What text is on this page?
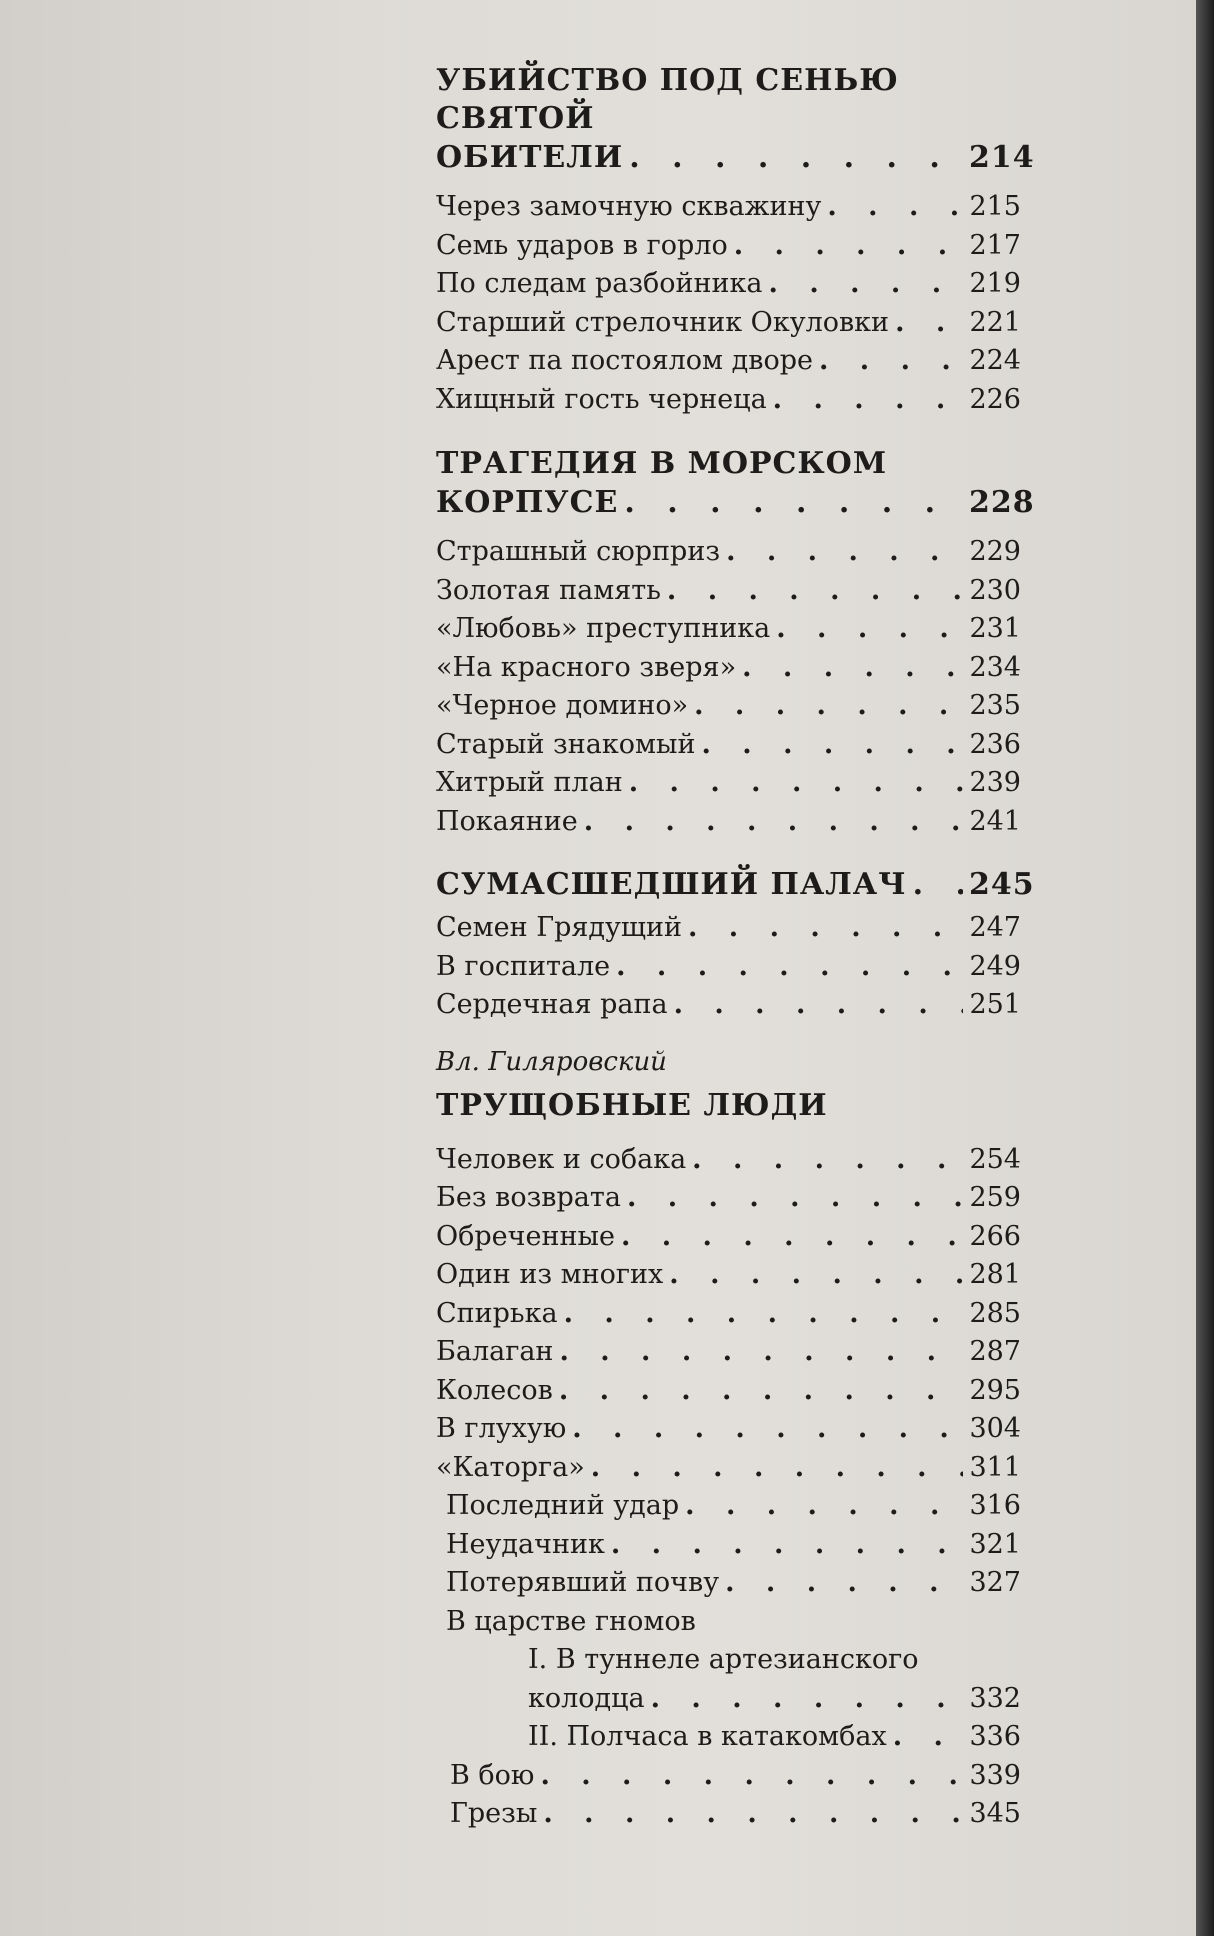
УБИЙСТВО ПОД СЕНЬЮ СВЯТОЙ
ОБИТЕЛИ . . .	214
Через замочную скважину . . .	215
Семь ударов в горло . . .	217
По следам разбойника . . .	219
Старший стрелочник Окуловки . . .	221
Арест па постоялом дворе . . .	224
Хищный гость чернеца . . .	226
ТРАГЕДИЯ В МОРСКОМ
КОРПУСЕ . . .	228
Страшный сюрприз . . .	229
Золотая память . . .	230
«Любовь» преступника . . .	231
«На красного зверя» . . .	234
«Черное домино» . . .	235
Старый знакомый . . .	236
Хитрый план . . .	239
Покаяние . . .	241
СУМАСШЕДШИЙ ПАЛАЧ . . . 245
Семен Грядущий . . .	247
В госпитале . . .	249
Сердечная рапа . . .	251
Вл. Гиляровский
ТРУЩОБНЫЕ ЛЮДИ
Человек и собака . . .	254
Без возврата . . .	259
Обреченные . . .	266
Один из многих . . .	281
Спирька . . .	285
Балаган . . .	287
Колесов . . .	295
В глухую . . .	304
«Каторга» . . .	311
Последний удар . . .	316
Неудачник . . .	321
Потерявший почву . . .	327
В царстве гномов
I. В туннеле артезианского
колодца . . .	332
II. Полчаса в катакомбах . . .	336
В бою . . .	339
Грезы . . .	345
